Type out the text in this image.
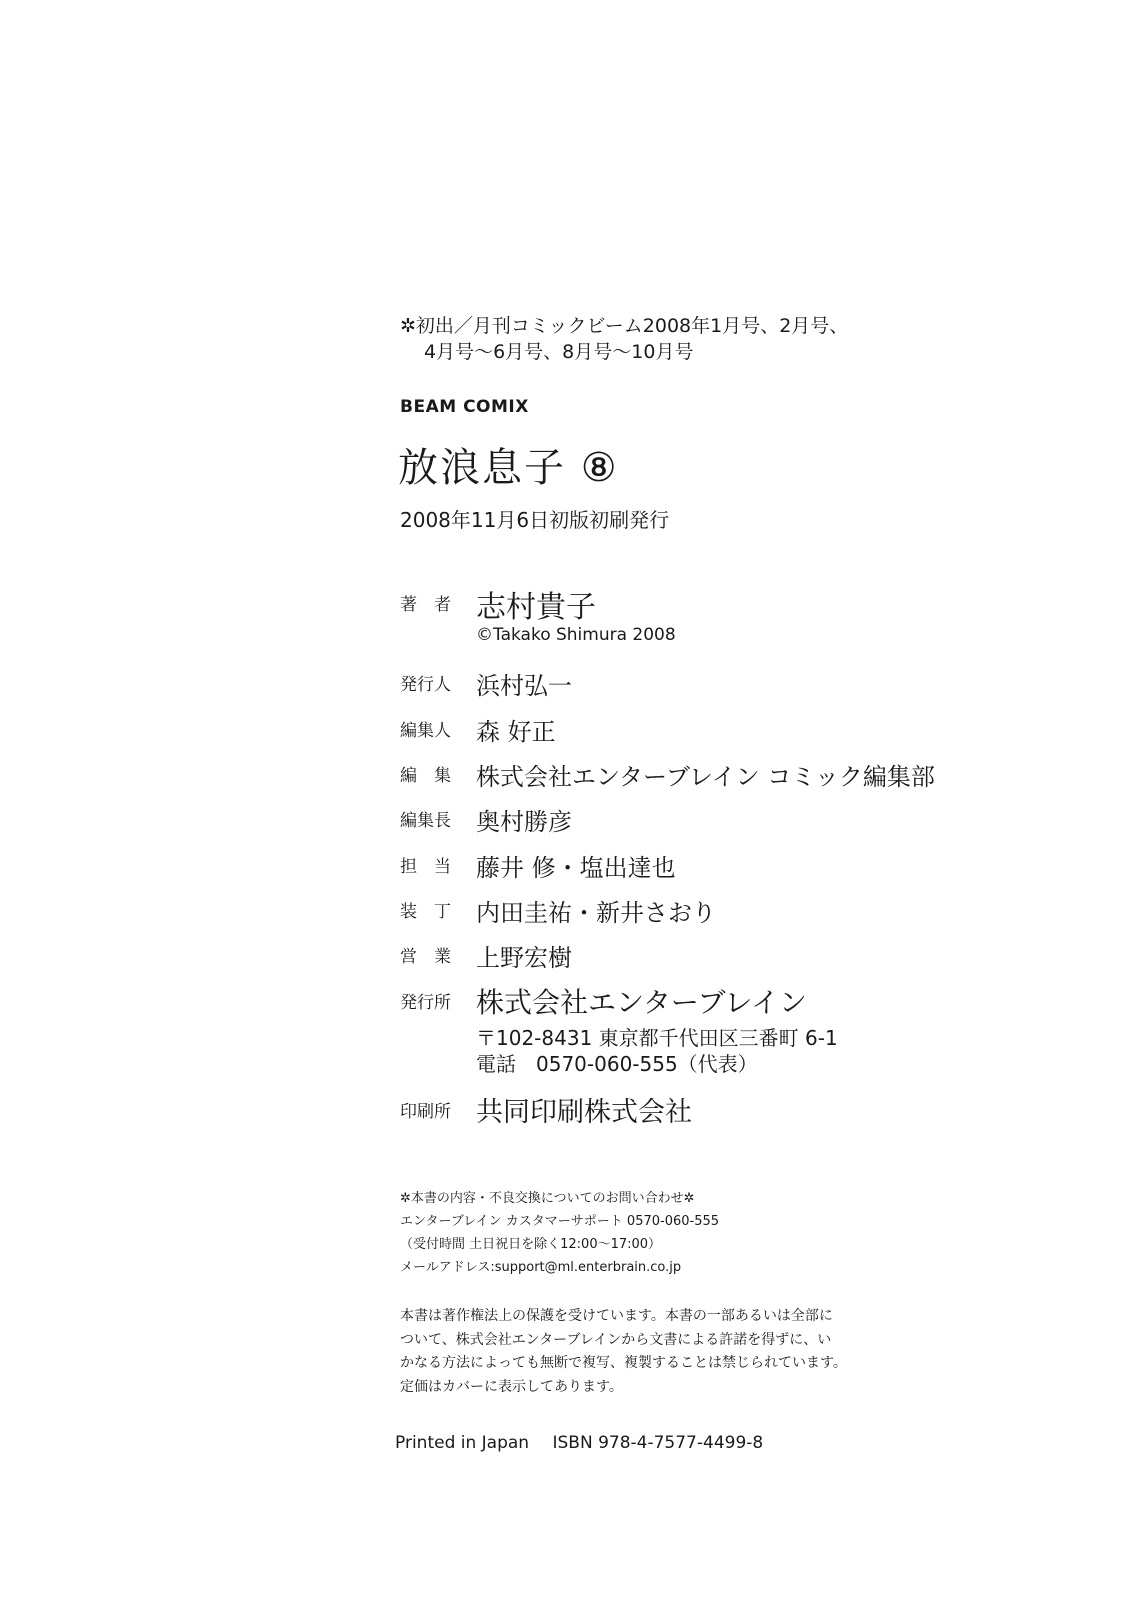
✲初出／月刊コミックビーム2008年1月号、2月号、
4月号〜6月号、8月号〜10月号
BEAM COMIX
放浪息子 ⑧
2008年11月6日初版初刷発行
著　者 志村貴子
©Takako Shimura 2008
発行人	浜村弘一
編集人	森 好正
編　集	株式会社エンターブレイン コミック編集部
編集長	奥村勝彦
担　当	藤井 修・塩出達也
装　丁	内田圭祐・新井さおり
営　業	上野宏樹
発行所 株式会社エンターブレイン
〒102-8431 東京都千代田区三番町 6-1
電話　0570-060-555（代表）
印刷所 共同印刷株式会社
✲本書の内容・不良交換についてのお問い合わせ✲
エンターブレイン カスタマーサポート 0570-060-555
（受付時間 土日祝日を除く12:00〜17:00）
メールアドレス:support@ml.enterbrain.co.jp
本書は著作権法上の保護を受けています。本書の一部あるいは全部に
ついて、株式会社エンターブレインから文書による許諾を得ずに、い
かなる方法によっても無断で複写、複製することは禁じられています。
定価はカバーに表示してあります。
Printed in Japan ISBN 978-4-7577-4499-8
